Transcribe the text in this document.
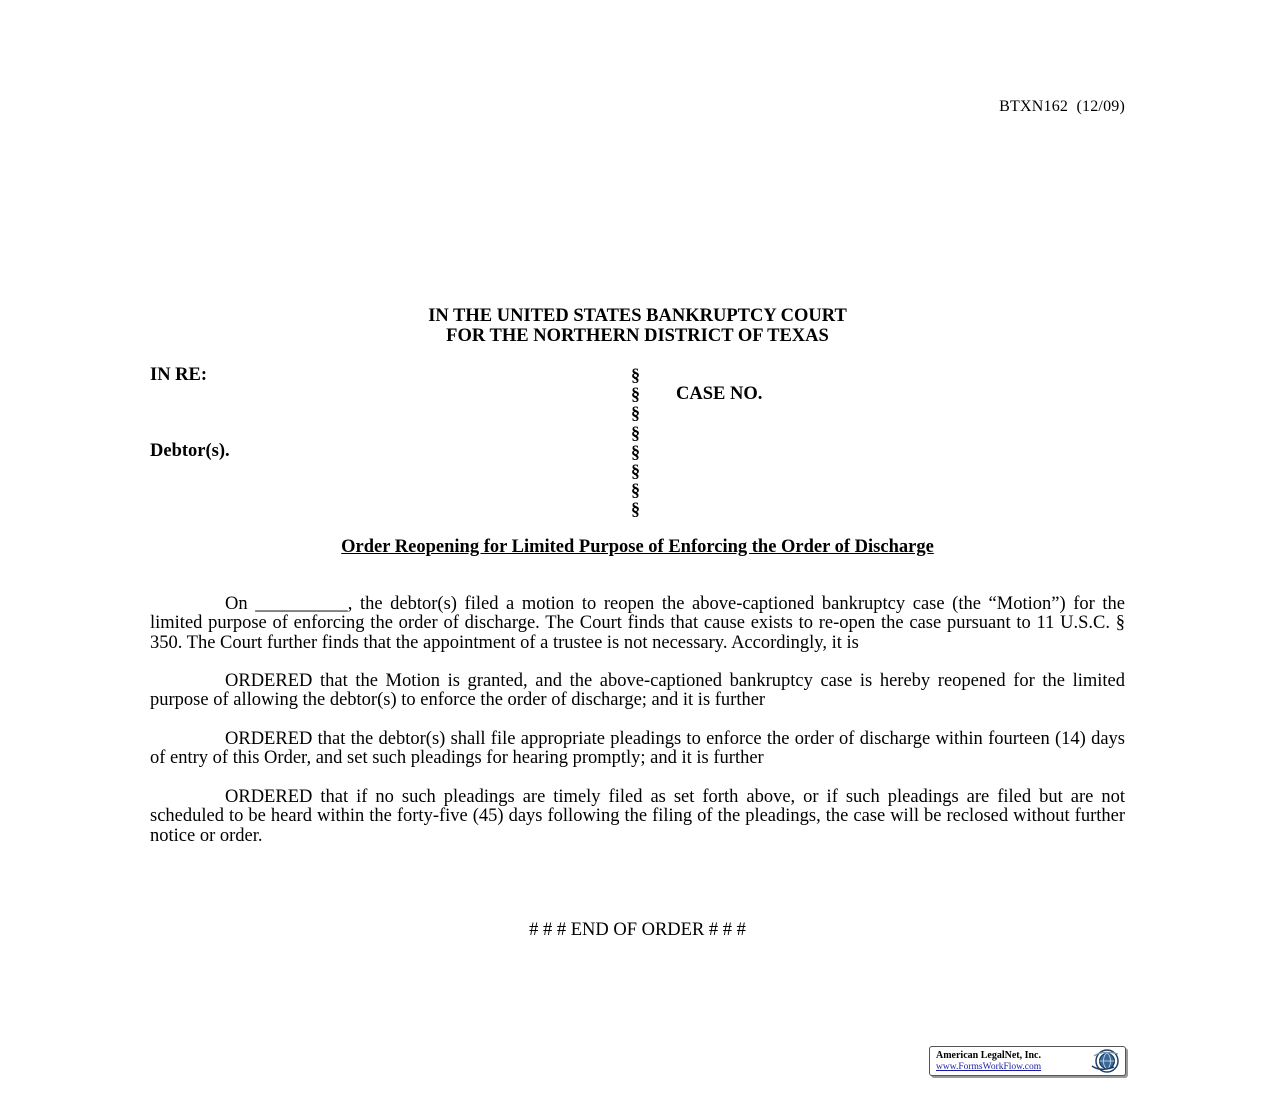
BTXN162  (12/09)
IN THE UNITED STATES BANKRUPTCY COURT
FOR THE NORTHERN DISTRICT OF TEXAS
IN RE:
Debtor(s).
§
§
§
§
§
§
§
§
CASE NO.
Order Reopening for Limited Purpose of Enforcing the Order of Discharge

On __________, the debtor(s) filed a motion to reopen the above-captioned bankruptcy case (the “Motion”) for the limited purpose of enforcing the order of discharge. The Court finds that cause exists to re-open the case pursuant to 11 U.S.C. § 350. The Court further finds that the appointment of a trustee is not necessary. Accordingly, it is

ORDERED that the Motion is granted, and the above-captioned bankruptcy case is hereby reopened for the limited purpose of allowing the debtor(s) to enforce the order of discharge; and it is further

ORDERED that the debtor(s) shall file appropriate pleadings to enforce the order of discharge within fourteen (14) days of entry of this Order, and set such pleadings for hearing promptly; and it is further

ORDERED that if no such pleadings are timely filed as set forth above, or if such pleadings are filed but are not scheduled to be heard within the forty-five (45) days following the filing of the pleadings, the case will be reclosed without further notice or order.

# # # END OF ORDER # # #
American LegalNet, Inc.
www.FormsWorkFlow.com
